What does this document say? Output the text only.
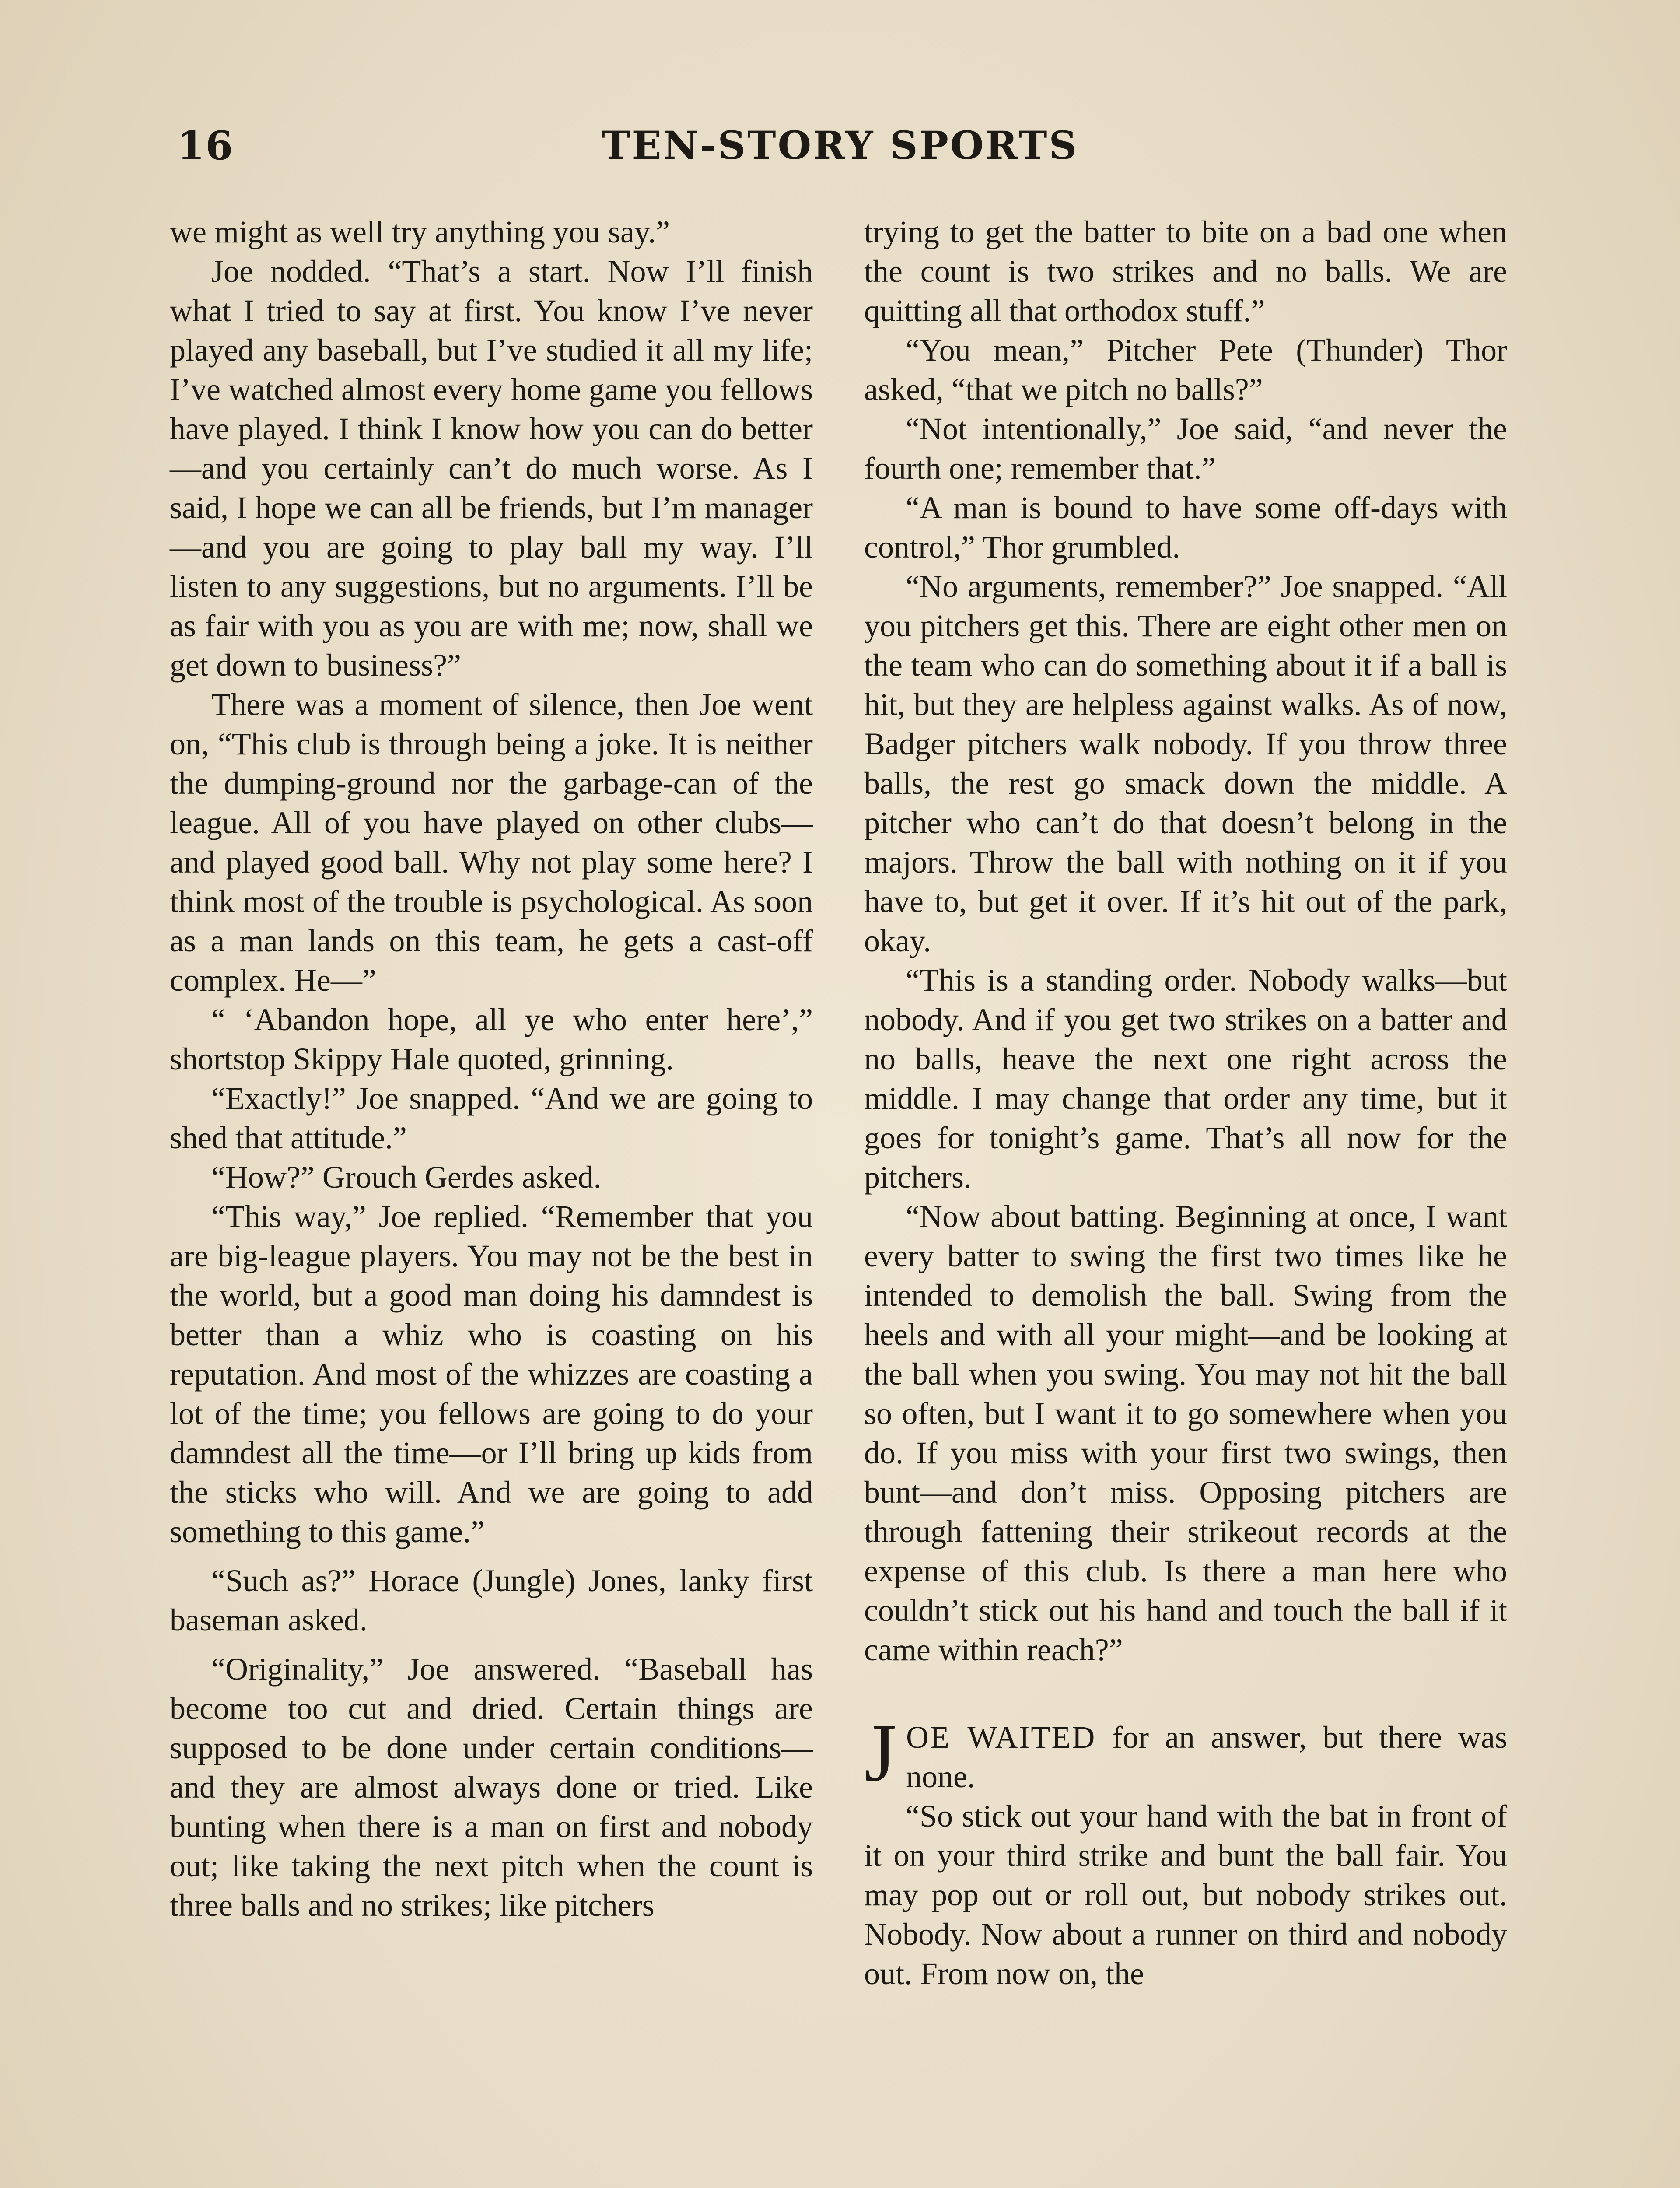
16	TEN-STORY SPORTS

we might as well try anything you say.”

Joe nodded. “That’s a start. Now I’ll finish what I tried to say at first. You know I’ve never played any baseball, but I’ve studied it all my life; I’ve watched almost every home game you fellows have played. I think I know how you can do better—and you certainly can’t do much worse. As I said, I hope we can all be friends, but I’m manager—and you are going to play ball my way. I’ll listen to any suggestions, but no arguments. I’ll be as fair with you as you are with me; now, shall we get down to business?”

There was a moment of silence, then Joe went on, “This club is through being a joke. It is neither the dumping-ground nor the garbage-can of the league. All of you have played on other clubs—and played good ball. Why not play some here? I think most of the trouble is psychological. As soon as a man lands on this team, he gets a cast-off complex. He—”

“ ‘Abandon hope, all ye who enter here’,” shortstop Skippy Hale quoted, grinning.

“Exactly!” Joe snapped. “And we are going to shed that attitude.”

“How?” Grouch Gerdes asked.

“This way,” Joe replied. “Remember that you are big-league players. You may not be the best in the world, but a good man doing his damndest is better than a whiz who is coasting on his reputation. And most of the whizzes are coasting a lot of the time; you fellows are going to do your damndest all the time—or I’ll bring up kids from the sticks who will. And we are going to add something to this game.”

“Such as?” Horace (Jungle) Jones, lanky first baseman asked.

“Originality,” Joe answered. “Baseball has become too cut and dried. Certain things are supposed to be done under certain conditions—and they are almost always done or tried. Like bunting when there is a man on first and nobody out; like taking the next pitch when the count is three balls and no strikes; like pitchers

trying to get the batter to bite on a bad one when the count is two strikes and no balls. We are quitting all that orthodox stuff.”

“You mean,” Pitcher Pete (Thunder) Thor asked, “that we pitch no balls?”

“Not intentionally,” Joe said, “and never the fourth one; remember that.”

“A man is bound to have some off-days with control,” Thor grumbled.

“No arguments, remember?” Joe snapped. “All you pitchers get this. There are eight other men on the team who can do something about it if a ball is hit, but they are helpless against walks. As of now, Badger pitchers walk nobody. If you throw three balls, the rest go smack down the middle. A pitcher who can’t do that doesn’t belong in the majors. Throw the ball with nothing on it if you have to, but get it over. If it’s hit out of the park, okay.

“This is a standing order. Nobody walks—but nobody. And if you get two strikes on a batter and no balls, heave the next one right across the middle. I may change that order any time, but it goes for tonight’s game. That’s all now for the pitchers.

“Now about batting. Beginning at once, I want every batter to swing the first two times like he intended to demolish the ball. Swing from the heels and with all your might—and be looking at the ball when you swing. You may not hit the ball so often, but I want it to go somewhere when you do. If you miss with your first two swings, then bunt—and don’t miss. Opposing pitchers are through fattening their strikeout records at the expense of this club. Is there a man here who couldn’t stick out his hand and touch the ball if it came within reach?”

JOE WAITED for an answer, but there was none.

“So stick out your hand with the bat in front of it on your third strike and bunt the ball fair. You may pop out or roll out, but nobody strikes out. Nobody. Now about a runner on third and nobody out. From now on, the
